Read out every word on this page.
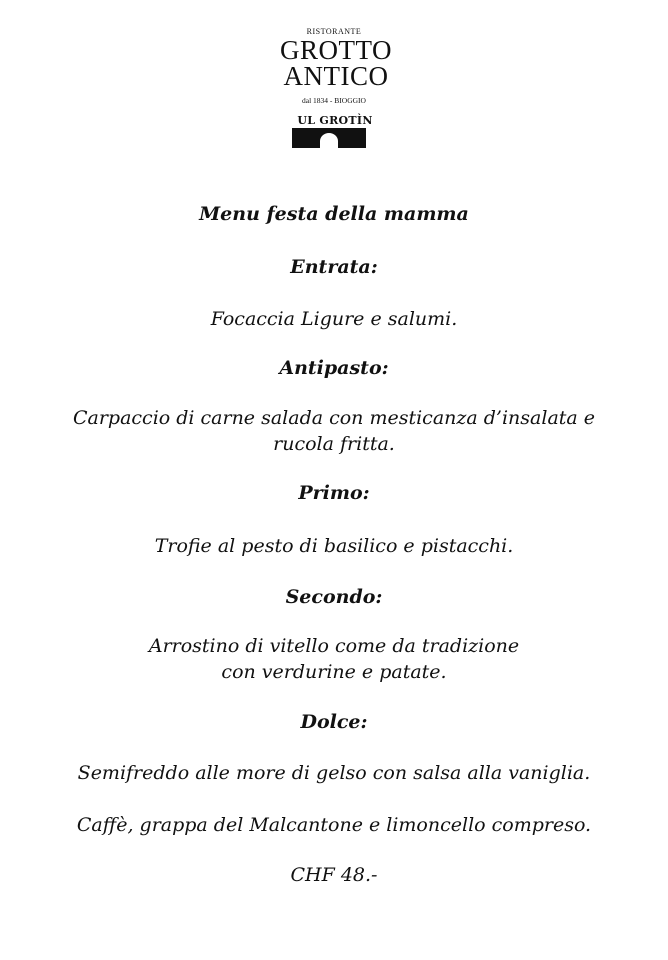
RISTORANTE
GROTTO
ANTICO
dal 1834 - BIOGGIO
UL GROTÌN
Menu festa della mamma
Entrata:
Focaccia Ligure e salumi.
Antipasto:
Carpaccio di carne salada con mesticanza d’insalata e
rucola fritta.
Primo:
Trofie al pesto di basilico e pistacchi.
Secondo:
Arrostino di vitello come da tradizione
con verdurine e patate.
Dolce:
Semifreddo alle more di gelso con salsa alla vaniglia.
Caffè, grappa del Malcantone e limoncello compreso.
CHF 48.-
